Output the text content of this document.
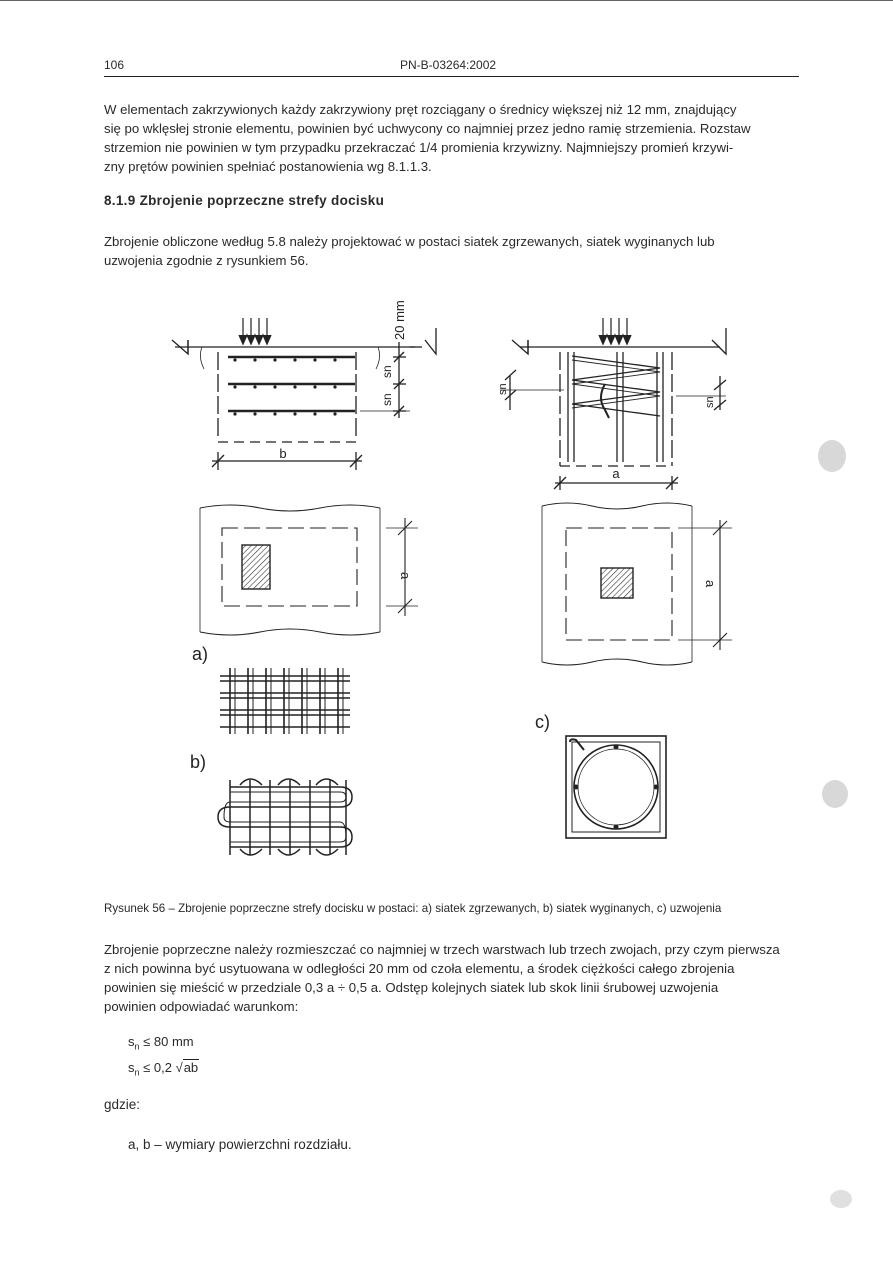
106	PN-B-03264:2002
W elementach zakrzywionych każdy zakrzywiony pręt rozciągany o średnicy większej niż 12 mm, znajdujący
się po wklęsłej stronie elementu, powinien być uchwycony co najmniej przez jedno ramię strzemienia. Rozstaw
strzemion nie powinien w tym przypadku przekraczać 1/4 promienia krzywizny. Najmniejszy promień krzywi-
zny prętów powinien spełniać postanowienia wg 8.1.1.3.
8.1.9 Zbrojenie poprzeczne strefy docisku
Zbrojenie obliczone według 5.8 należy projektować w postaci siatek zgrzewanych, siatek wyginanych lub
uzwojenia zgodnie z rysunkiem 56.
b
20 mm
sn
sn
a
a)
b)
sn
sn
a
a
c)
Rysunek 56 – Zbrojenie poprzeczne strefy docisku w postaci: a) siatek zgrzewanych, b) siatek wyginanych, c) uzwojenia
Zbrojenie poprzeczne należy rozmieszczać co najmniej w trzech warstwach lub trzech zwojach, przy czym pierwsza
z nich powinna być usytuowana w odległości 20 mm od czoła elementu, a środek ciężkości całego zbrojenia
powinien się mieścić w przedziale 0,3 a ÷ 0,5 a. Odstęp kolejnych siatek lub skok linii śrubowej uzwojenia
powinien odpowiadać warunkom:
$s_n \le 80$ mm
$s_n \le 0,2$ √ab
gdzie:
a, b – wymiary powierzchni rozdziału.
